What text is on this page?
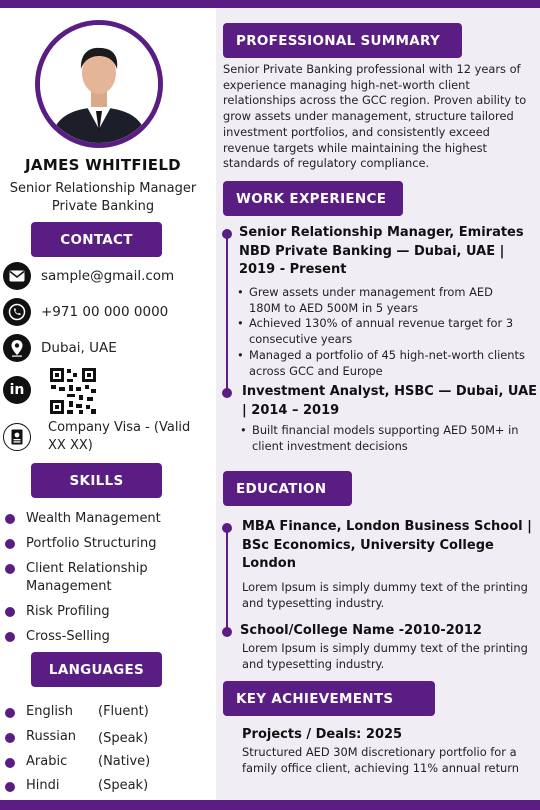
JAMES WHITFIELD
Senior Relationship Manager
Private Banking
CONTACT
sample@gmail.com
+971 00 000 0000
Dubai, UAE
in
Company Visa - (Valid XX XX)
SKILLS
Wealth Management
Portfolio Structuring
Client Relationship Management
Risk Profiling
Cross-Selling
LANGUAGES
English (Fluent)
Russian (Speak)
Arabic (Native)
Hindi	(Speak)
PROFESSIONAL SUMMARY
Senior Private Banking professional with 12 years of experience managing high-net-worth client relationships across the GCC region. Proven ability to grow assets under management, structure tailored investment portfolios, and consistently exceed revenue targets while maintaining the highest standards of regulatory compliance.
WORK EXPERIENCE
Senior Relationship Manager, Emirates NBD Private Banking — Dubai, UAE | 2019 - Present
• Grew assets under management from AED 180M to AED 500M in 5 years
• Achieved 130% of annual revenue target for 3 consecutive years
• Managed a portfolio of 45 high-net-worth clients across GCC and Europe
Investment Analyst, HSBC — Dubai, UAE | 2014 – 2019
• Built financial models supporting AED 50M+ in client investment decisions
EDUCATION
MBA Finance, London Business School | BSc Economics, University College London
Lorem Ipsum is simply dummy text of the printing and typesetting industry.
School/College Name -2010-2012
Lorem Ipsum is simply dummy text of the printing and typesetting industry.
KEY ACHIEVEMENTS
Projects / Deals: 2025
Structured AED 30M discretionary portfolio for a family office client, achieving 11% annual return
